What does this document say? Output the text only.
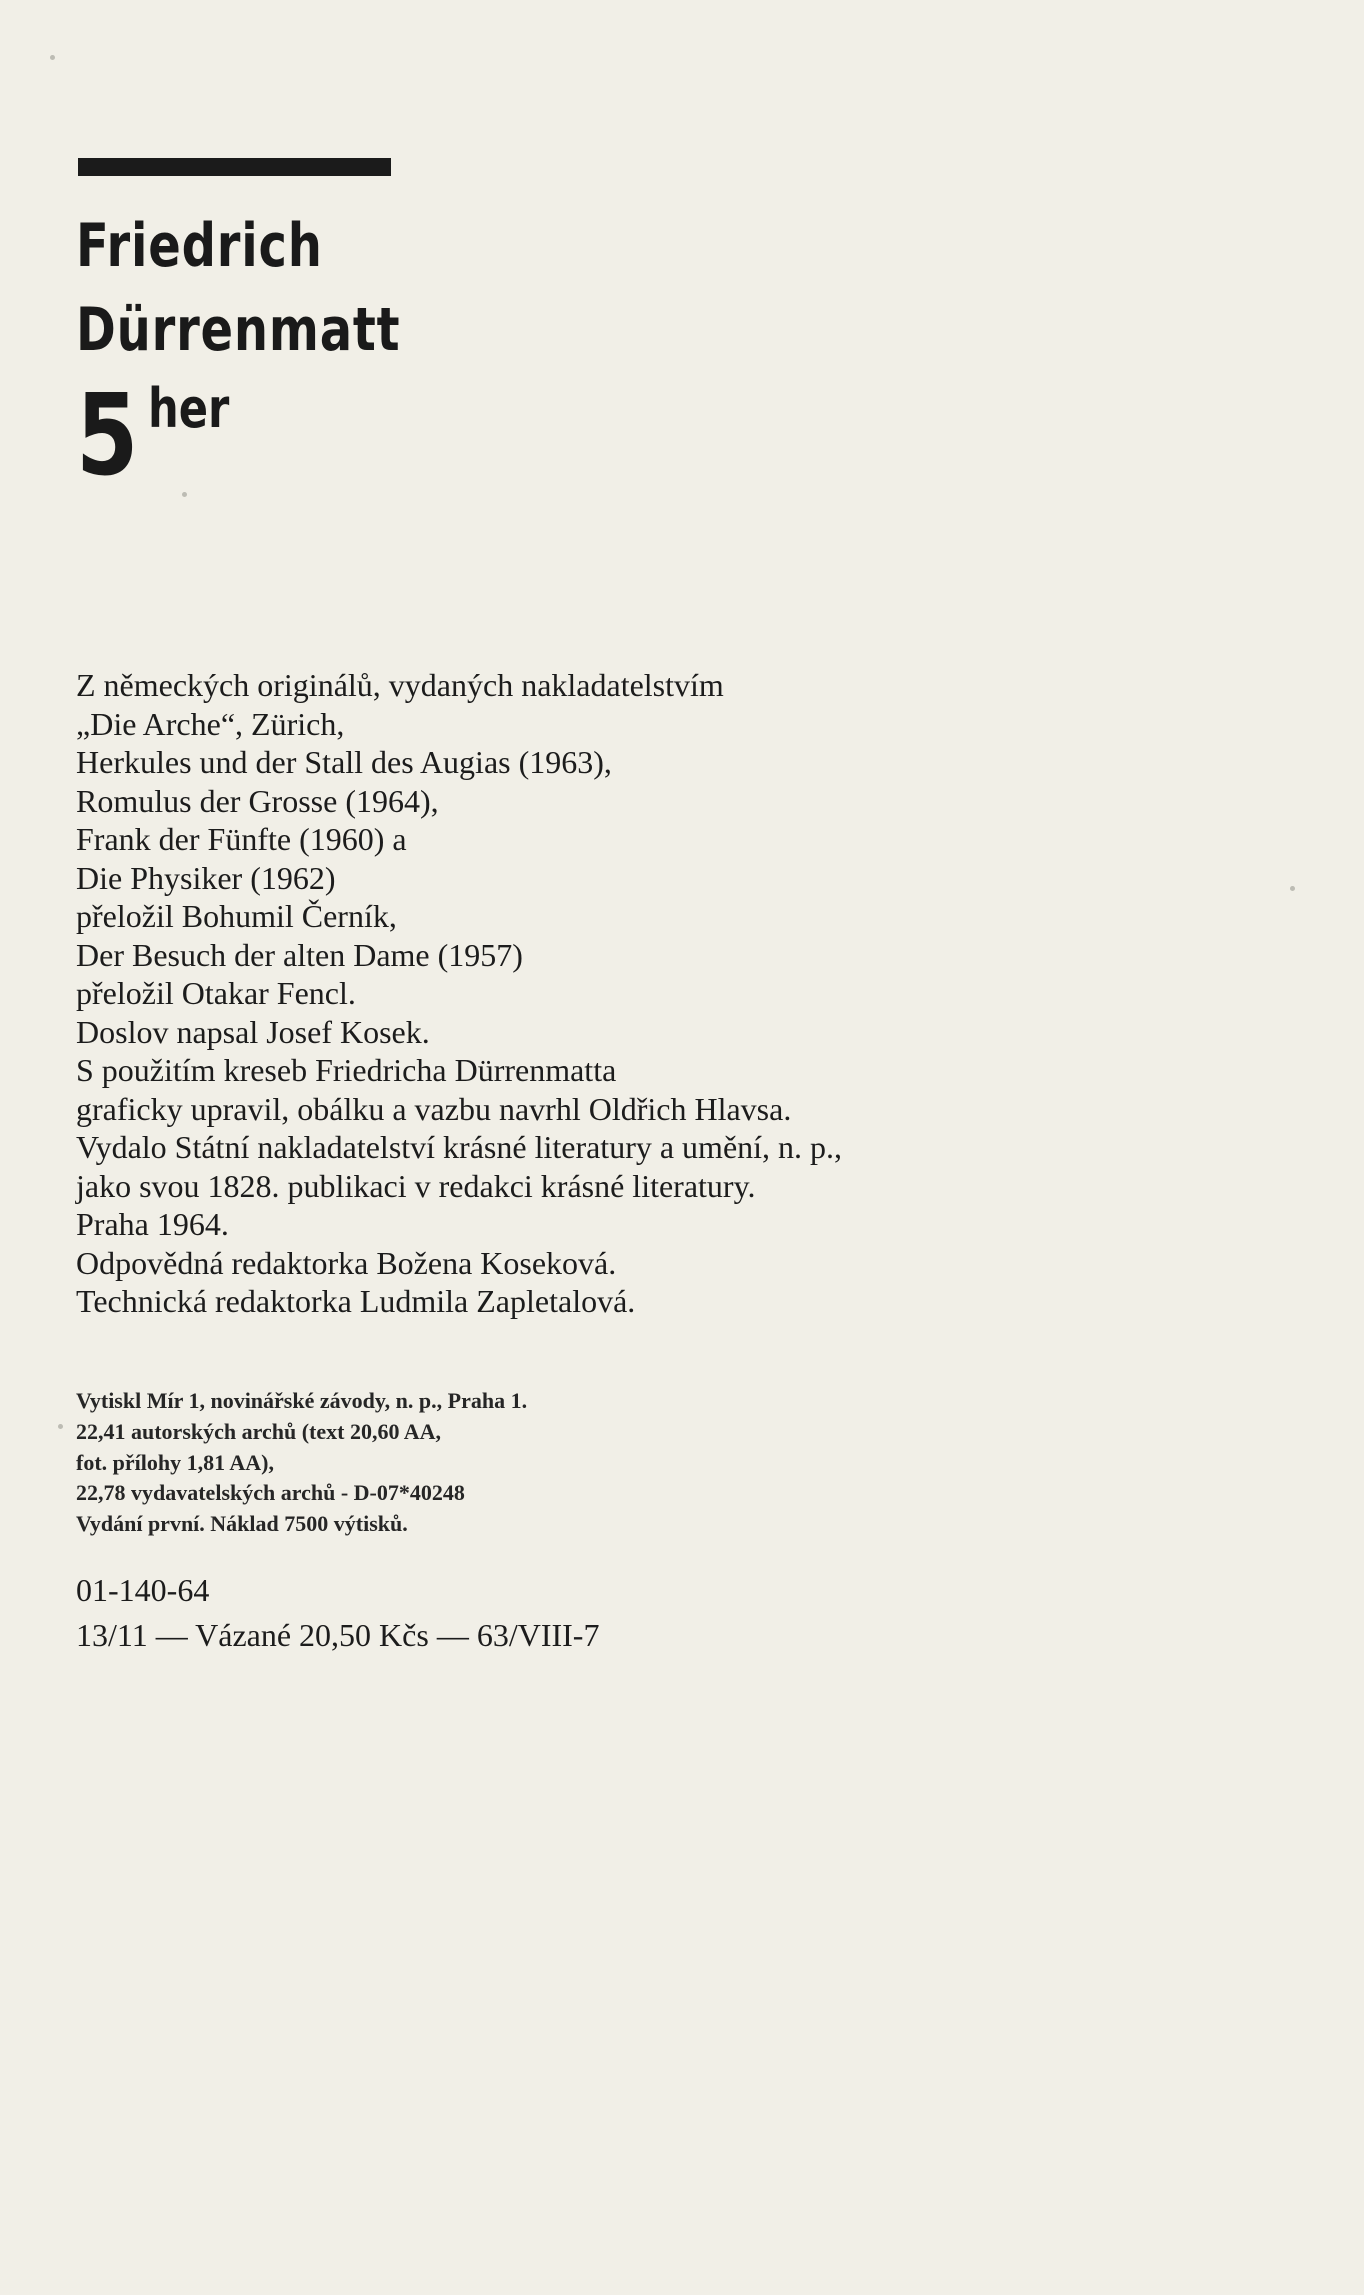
Friedrich
Dürrenmatt
5 her
Z německých originálů, vydaných nakladatelstvím
„Die Arche“, Zürich,
Herkules und der Stall des Augias (1963),
Romulus der Grosse (1964),
Frank der Fünfte (1960) a
Die Physiker (1962)
přeložil Bohumil Černík,
Der Besuch der alten Dame (1957)
přeložil Otakar Fencl.
Doslov napsal Josef Kosek.
S použitím kreseb Friedricha Dürrenmatta
graficky upravil, obálku a vazbu navrhl Oldřich Hlavsa.
Vydalo Státní nakladatelství krásné literatury a umění, n. p.,
jako svou 1828. publikaci v redakci krásné literatury.
Praha 1964.
Odpovědná redaktorka Božena Koseková.
Technická redaktorka Ludmila Zapletalová.
Vytiskl Mír 1, novinářské závody, n. p., Praha 1.
22,41 autorských archů (text 20,60 AA,
fot. přílohy 1,81 AA),
22,78 vydavatelských archů - D-07*40248
Vydání první. Náklad 7500 výtisků.
01-140-64
13/11 — Vázané 20,50 Kčs — 63/VIII-7
